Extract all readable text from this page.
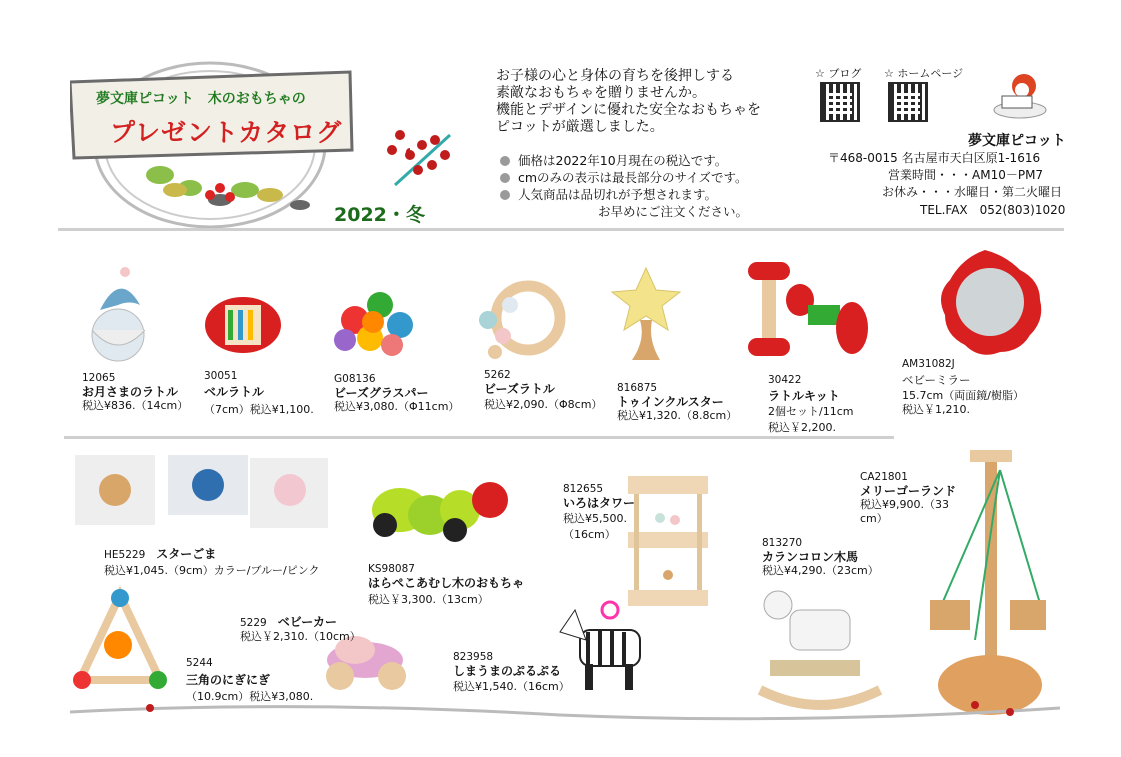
夢文庫ピコット　木のおもちゃの
プレゼントカタログ
2022・冬
お子様の心と身体の育ちを後押しする
素敵なおもちゃを贈りませんか。
機能とデザインに優れた安全なおもちゃを
ピコットが厳選しました。
価格は2022年10月現在の税込です。
cmのみの表示は最長部分のサイズです。
人気商品は品切れが予想されます。
お早めにご注文ください。
☆ ブログ ☆ ホームページ
夢文庫ピコット
〒468-0015 名古屋市天白区原1-1616
営業時間・・・AM10－PM7
お休み・・・水曜日・第二火曜日
TEL.FAX　052(803)1020
12065
お月さまのラトル
税込¥836.（14cm）
30051
ベルラトル
（7cm）税込¥1,100.
G08136
ビーズグラスパー
税込¥3,080.（Φ11cm）
5262
ビーズラトル
税込¥2,090.（Φ8cm）
816875
トゥインクルスター
税込¥1,320.（8.8cm）
30422
ラトルキット
2個セット/11cm
税込￥2,200.
AM31082J
ベビーミラー
15.7cm（両面鏡/樹脂）
税込￥1,210.
HE5229　 スターごま
税込¥1,045.（9cm）カラー/ブルー/ピンク	KS98087
はらぺこあむし木のおもちゃ
税込￥3,300.（13cm）
812655
いろはタワー
税込¥5,500.
（16cm）
CA21801
メリーゴーランド
税込¥9,900.（33
cm）
813270
カランコロン木馬
税込¥4,290.（23cm）
5229　 ベビーカー
税込￥2,310.（10cm）
5244
三角のにぎにぎ
（10.9cm）税込¥3,080.
823958
しまうまのぷるぷる
税込¥1,540.（16cm）
